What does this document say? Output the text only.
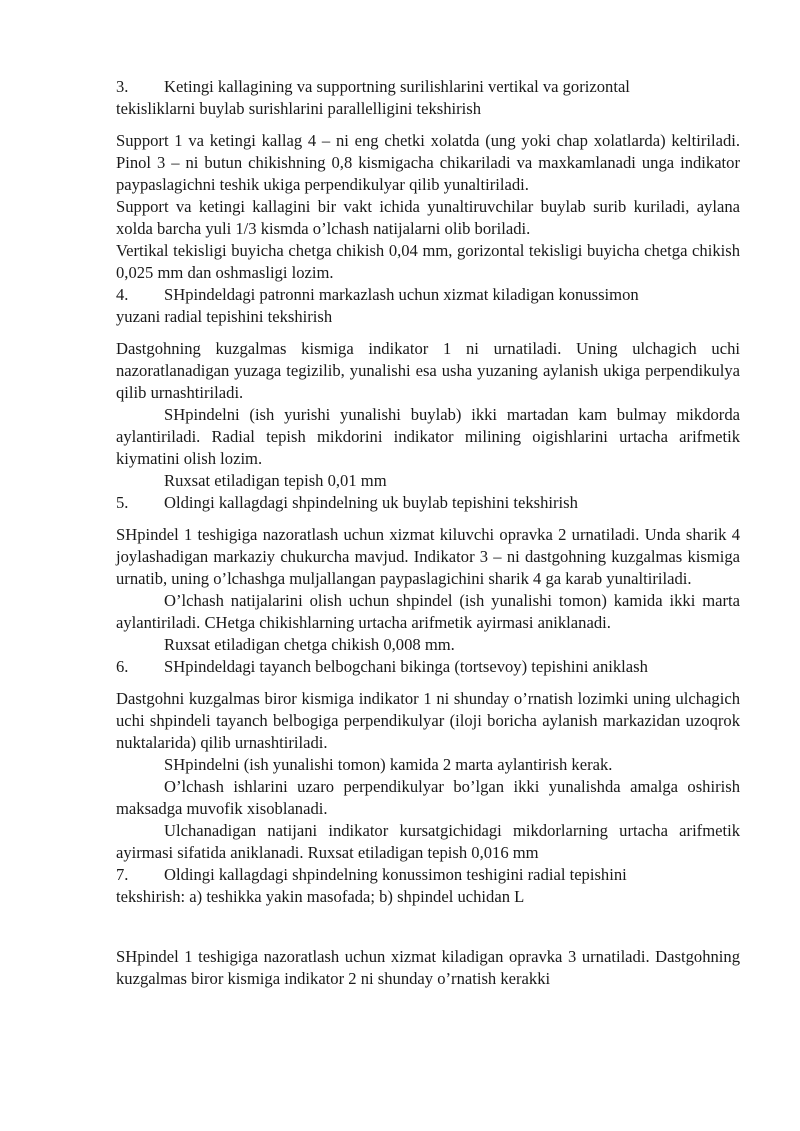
3.	Ketingi kallagining va supportning surilishlarini vertikal va gorizontal

tekisliklarni buylab surishlarini parallelligini tekshirish

Support 1 va ketingi kallag 4 – ni eng chetki xolatda (ung yoki chap xolatlarda) keltiriladi. Pinol 3 – ni butun chikishning 0,8 kismigacha chikariladi va maxkamlanadi unga indikator paypaslagichni teshik ukiga perpendikulyar qilib yunaltiriladi.

Support va ketingi kallagini bir vakt ichida yunaltiruvchilar buylab surib kuriladi, aylana xolda barcha yuli 1/3 kismda o’lchash natijalarni olib boriladi.

Vertikal tekisligi buyicha chetga chikish 0,04 mm, gorizontal tekisligi buyicha chetga chikish 0,025 mm dan oshmasligi lozim.

4.	SHpindeldagi patronni markazlash uchun xizmat kiladigan konussimon

yuzani radial tepishini tekshirish

Dastgohning kuzgalmas kismiga indikator 1 ni urnatiladi. Uning ulchagich uchi nazoratlanadigan yuzaga tegizilib, yunalishi esa usha yuzaning aylanish ukiga perpendikulya qilib urnashtiriladi.

SHpindelni (ish yurishi yunalishi buylab) ikki martadan kam bulmay mikdorda aylantiriladi. Radial tepish mikdorini indikator milining oigishlarini urtacha arifmetik kiymatini olish lozim.

Ruxsat etiladigan tepish 0,01 mm

5.	Oldingi kallagdagi shpindelning uk buylab tepishini tekshirish

SHpindel 1 teshigiga nazoratlash uchun xizmat kiluvchi opravka 2 urnatiladi. Unda sharik 4 joylashadigan markaziy chukurcha mavjud. Indikator 3 – ni dastgohning kuzgalmas kismiga urnatib, uning o’lchashga muljallangan paypaslagichini sharik 4 ga karab yunaltiriladi.

O’lchash natijalarini olish uchun shpindel (ish yunalishi tomon) kamida ikki marta aylantiriladi. CHetga chikishlarning urtacha arifmetik ayirmasi aniklanadi.

Ruxsat etiladigan chetga chikish 0,008 mm.

6.	SHpindeldagi tayanch belbogchani bikinga (tortsevoy) tepishini aniklash

Dastgohni kuzgalmas biror kismiga indikator 1 ni shunday o’rnatish lozimki uning ulchagich uchi shpindeli tayanch belbogiga perpendikulyar (iloji boricha aylanish markazidan uzoqrok nuktalarida) qilib urnashtiriladi.

SHpindelni (ish yunalishi tomon) kamida 2 marta aylantirish kerak.

O’lchash ishlarini uzaro perpendikulyar bo’lgan ikki yunalishda amalga oshirish maksadga muvofik xisoblanadi.

Ulchanadigan natijani indikator kursatgichidagi mikdorlarning urtacha arifmetik ayirmasi sifatida aniklanadi. Ruxsat etiladigan tepish 0,016 mm

7.	Oldingi kallagdagi shpindelning konussimon teshigini radial tepishini

tekshirish: a) teshikka yakin masofada; b) shpindel uchidan L

SHpindel 1 teshigiga nazoratlash uchun xizmat kiladigan opravka 3 urnatiladi. Dastgohning kuzgalmas biror kismiga indikator 2 ni shunday o’rnatish kerakki
